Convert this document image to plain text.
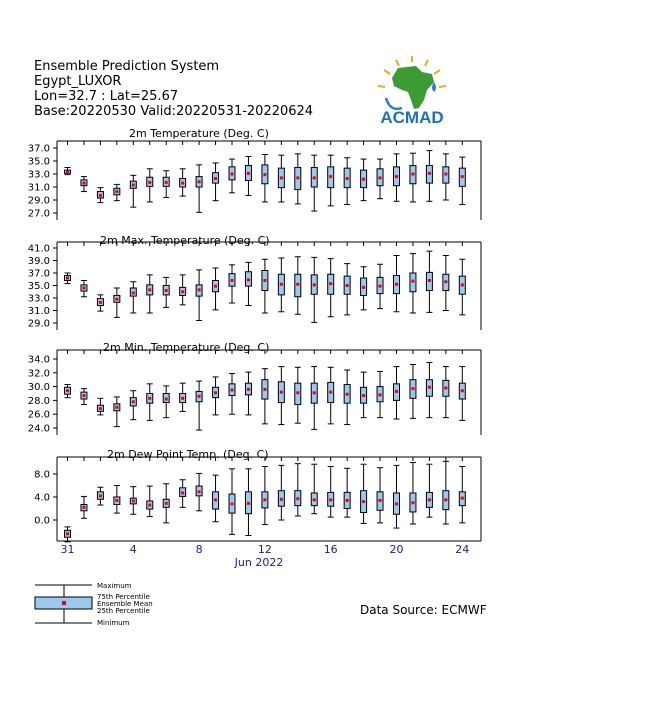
Ensemble Prediction System
Egypt_LUXOR
Lon=32.7 : Lat=25.67
Base:20220530 Valid:20220531-20220624	ACMAD
2m Temperature (Deg. C)
37.0
35.0
33.0
31.0
29.0
27.0
2m Max. Temperature (Deg. C)
41.0
39.0
37.0
35.0
33.0
31.0
29.0
2m Min. Temperature (Deg. C)
34.0
32.0
30.0
28.0
26.0
24.0
2m Dew Point Temp. (Deg. C)
8.0
4.0
0.0
31	4	8	12	16	20	24
Jun 2022
Maximum
75th Percentile
Ensemble Mean
25th Percentile
Minimum
Data Source: ECMWF
